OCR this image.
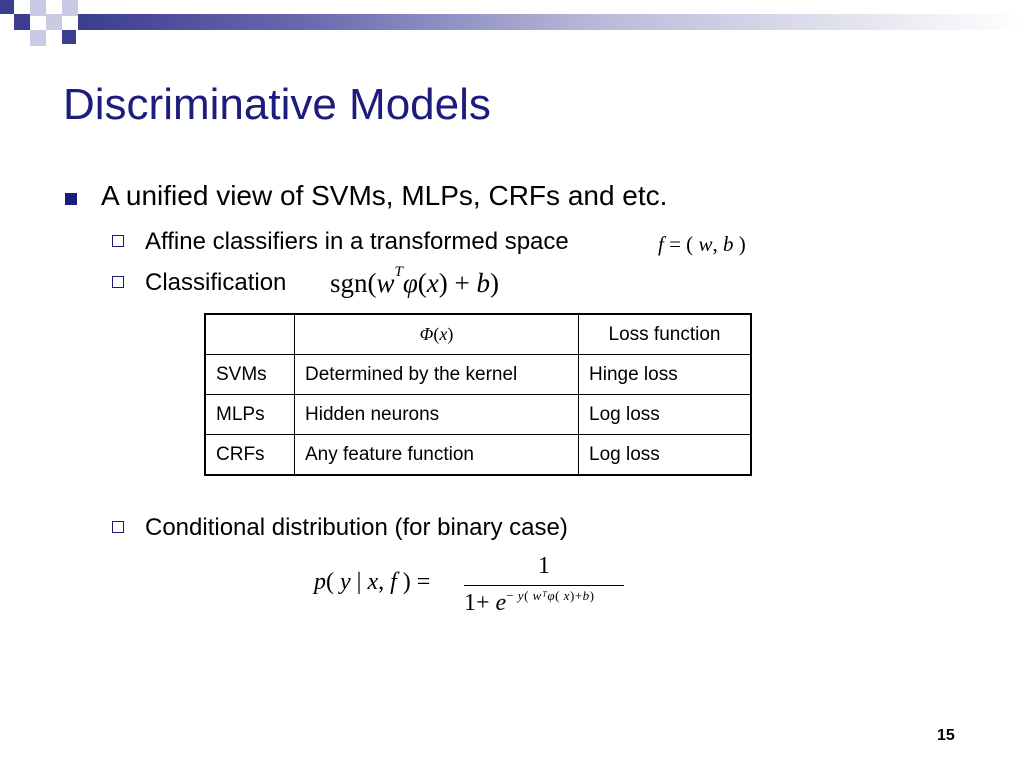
Discriminative Models
A unified view of SVMs, MLPs, CRFs and etc.
Affine classifiers in a transformed space	f = ( w, b )
Classification $sgn(w^T\varphi(x) + b)$
	Φ(x)	Loss function
SVMs	Determined by the kernel	Hinge loss
MLPs	Hidden neurons	Log loss
CRFs	Any feature function	Log loss
Conditional distribution (for binary case)
p( y | x, f ) =
1
$1+ e^{- y( wᵀ\varphi( x)+b)}$
15
